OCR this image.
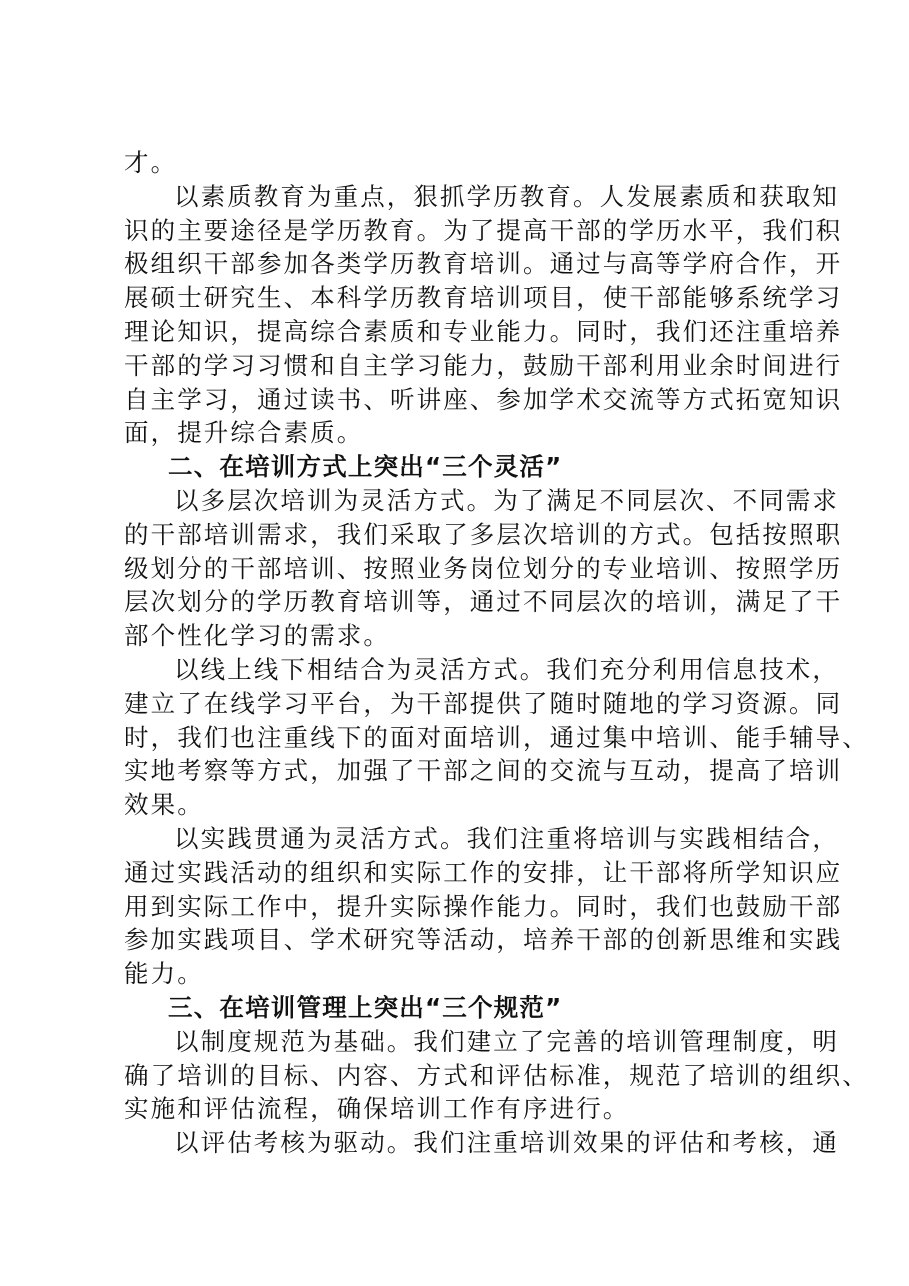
才。
以素质教育为重点，狠抓学历教育。人发展素质和获取知
识的主要途径是学历教育。为了提高干部的学历水平，我们积
极组织干部参加各类学历教育培训。通过与高等学府合作，开
展硕士研究生、本科学历教育培训项目，使干部能够系统学习
理论知识，提高综合素质和专业能力。同时，我们还注重培养
干部的学习习惯和自主学习能力，鼓励干部利用业余时间进行
自主学习，通过读书、听讲座、参加学术交流等方式拓宽知识
面，提升综合素质。
二、在培训方式上突出“三个灵活”
以多层次培训为灵活方式。为了满足不同层次、不同需求
的干部培训需求，我们采取了多层次培训的方式。包括按照职
级划分的干部培训、按照业务岗位划分的专业培训、按照学历
层次划分的学历教育培训等，通过不同层次的培训，满足了干
部个性化学习的需求。
以线上线下相结合为灵活方式。我们充分利用信息技术，
建立了在线学习平台，为干部提供了随时随地的学习资源。同
时，我们也注重线下的面对面培训，通过集中培训、能手辅导、
实地考察等方式，加强了干部之间的交流与互动，提高了培训
效果。
以实践贯通为灵活方式。我们注重将培训与实践相结合，
通过实践活动的组织和实际工作的安排，让干部将所学知识应
用到实际工作中，提升实际操作能力。同时，我们也鼓励干部
参加实践项目、学术研究等活动，培养干部的创新思维和实践
能力。
三、在培训管理上突出“三个规范”
以制度规范为基础。我们建立了完善的培训管理制度，明
确了培训的目标、内容、方式和评估标准，规范了培训的组织、
实施和评估流程，确保培训工作有序进行。
以评估考核为驱动。我们注重培训效果的评估和考核，通
